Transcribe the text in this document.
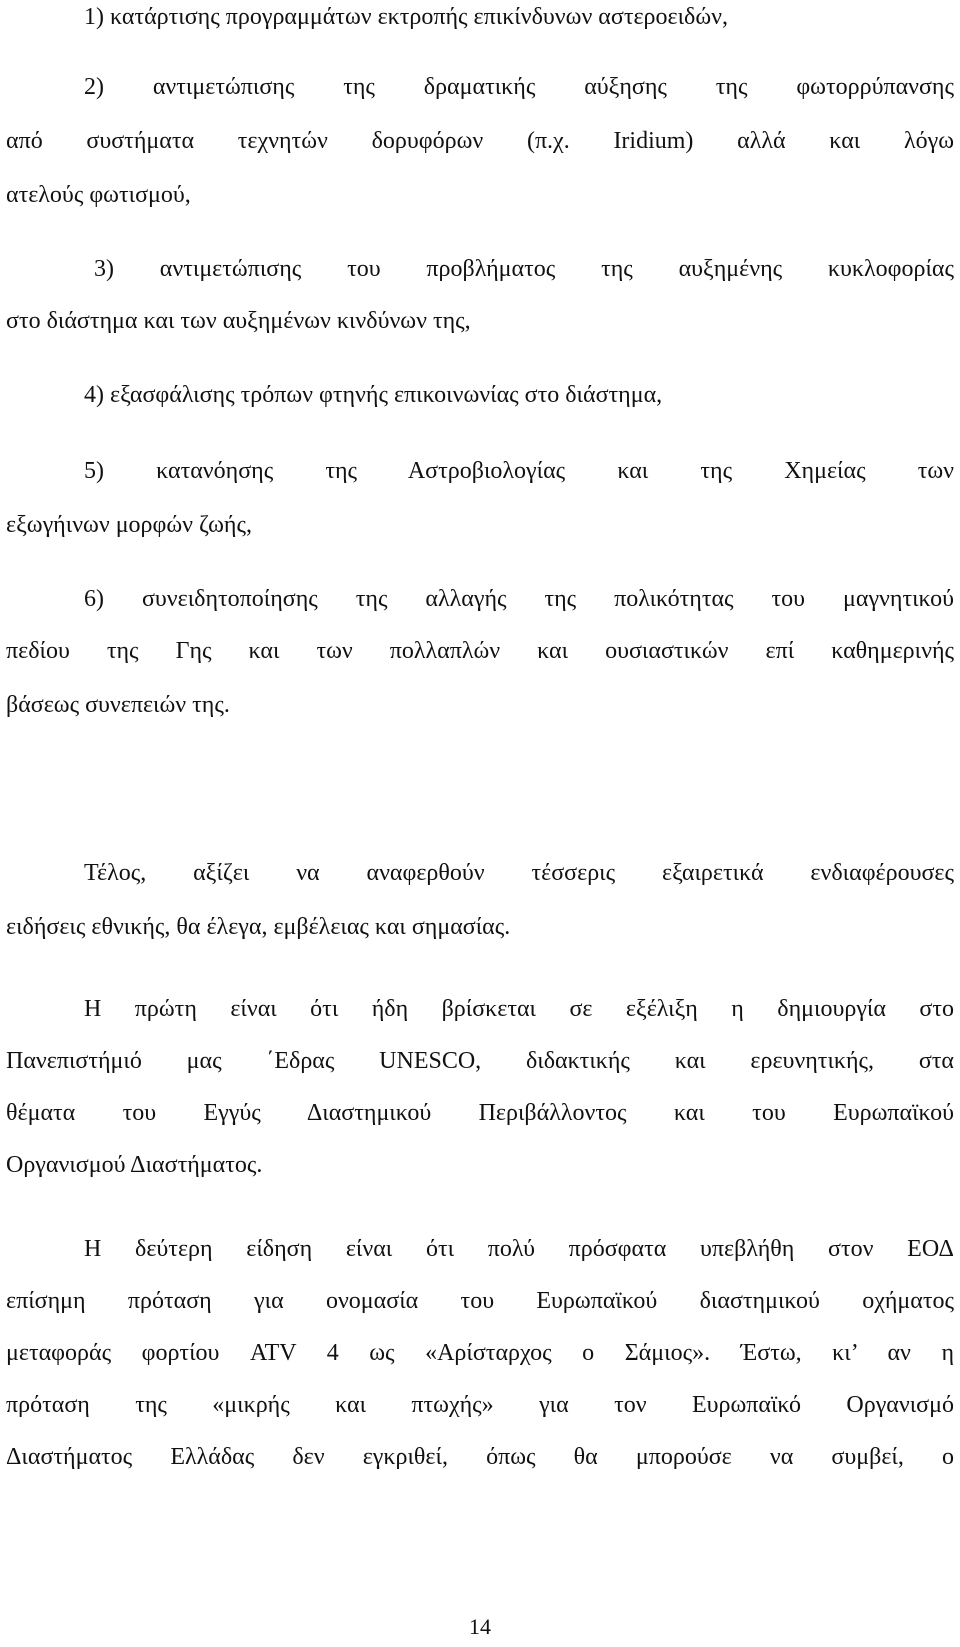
1) κατάρτισης προγραμμάτων εκτροπής επικίνδυνων αστεροειδών,
2) αντιμετώπισης της δραματικής αύξησης της φωτορρύπανσης
από συστήματα τεχνητών δορυφόρων (π.χ. Iridium) αλλά και λόγω
ατελούς φωτισμού,
3) αντιμετώπισης του προβλήματος της αυξημένης κυκλοφορίας
στο διάστημα και των αυξημένων κινδύνων της,
4) εξασφάλισης τρόπων φτηνής επικοινωνίας στο διάστημα,
5) κατανόησης της Αστροβιολογίας και της Χημείας των
εξωγήινων μορφών ζωής,
6) συνειδητοποίησης της αλλαγής της πολικότητας του μαγνητικού
πεδίου της Γης και των πολλαπλών και ουσιαστικών επί καθημερινής
βάσεως συνεπειών της.
Τέλος, αξίζει να αναφερθούν τέσσερις εξαιρετικά ενδιαφέρουσες
ειδήσεις εθνικής, θα έλεγα, εμβέλειας και σημασίας.
Η πρώτη είναι ότι ήδη βρίσκεται σε εξέλιξη η δημιουργία στο
Πανεπιστήμιό μας ΄Εδρας UNESCO, διδακτικής και ερευνητικής, στα
θέματα του Εγγύς Διαστημικού Περιβάλλοντος και του Ευρωπαϊκού
Οργανισμού Διαστήματος.
Η δεύτερη είδηση είναι ότι πολύ πρόσφατα υπεβλήθη στον ΕΟΔ
επίσημη πρόταση για ονομασία του Ευρωπαϊκού διαστημικού οχήματος
μεταφοράς φορτίου ATV 4 ως «Αρίσταρχος ο Σάμιος». Έστω, κι’ αν η
πρόταση της «μικρής και πτωχής» για τον Ευρωπαϊκό Οργανισμό
Διαστήματος Ελλάδας δεν εγκριθεί, όπως θα μπορούσε να συμβεί, ο
14
